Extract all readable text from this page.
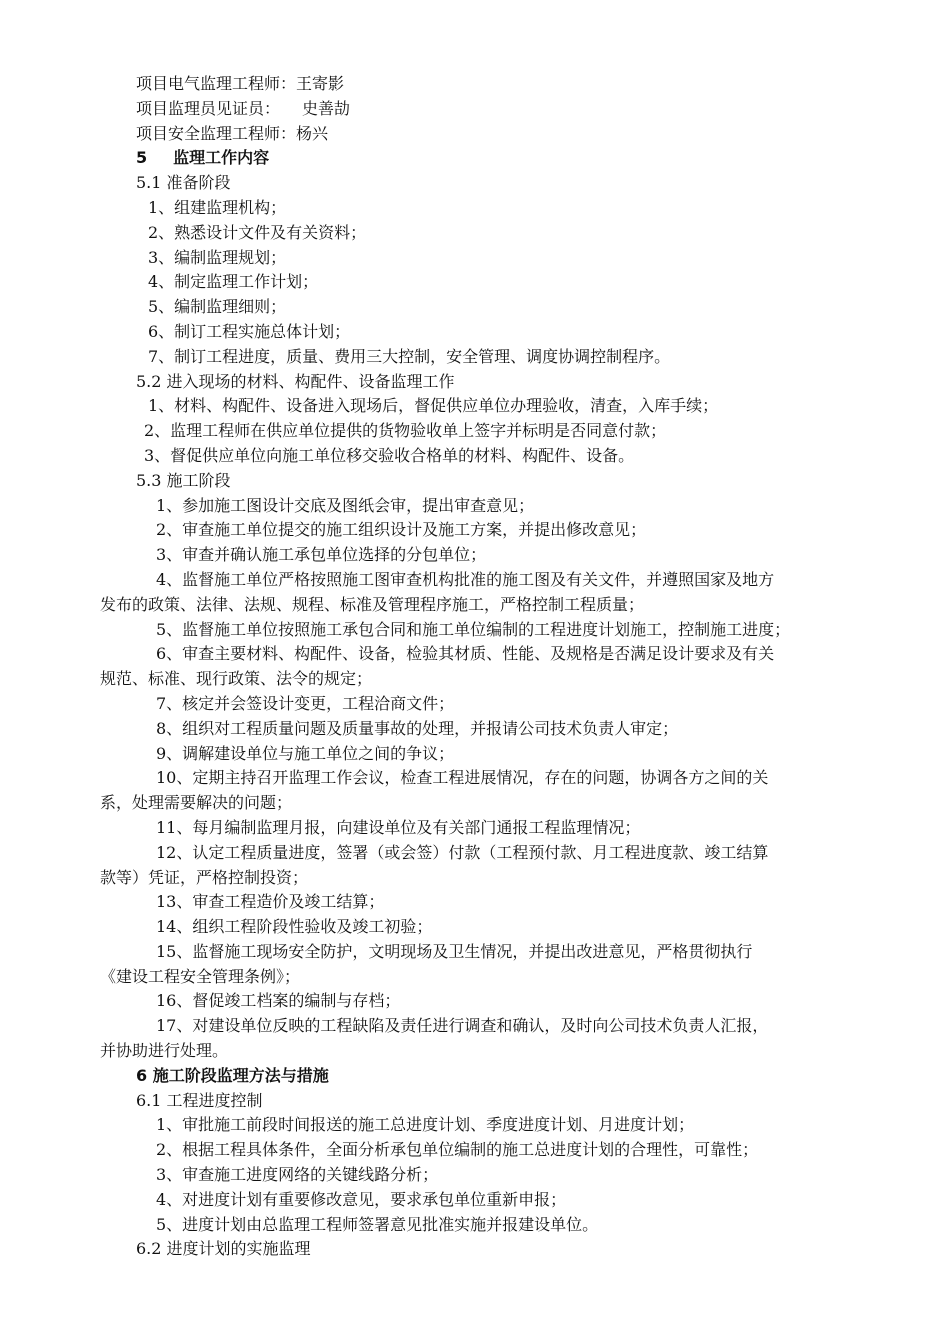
项目电气监理工程师：王寄影
项目监理员见证员： 史善劼
项目安全监理工程师：杨兴
5 监理工作内容
5.1 准备阶段
1、组建监理机构；
2、熟悉设计文件及有关资料；
3、编制监理规划；
4、制定监理工作计划；
5、编制监理细则；
6、制订工程实施总体计划；
7、制订工程进度，质量、费用三大控制，安全管理、调度协调控制程序。
5.2 进入现场的材料、构配件、设备监理工作
1、材料、构配件、设备进入现场后，督促供应单位办理验收，清查，入库手续；
2、监理工程师在供应单位提供的货物验收单上签字并标明是否同意付款；
3、督促供应单位向施工单位移交验收合格单的材料、构配件、设备。
5.3 施工阶段
1、参加施工图设计交底及图纸会审，提出审查意见；
2、审查施工单位提交的施工组织设计及施工方案，并提出修改意见；
3、审查并确认施工承包单位选择的分包单位；
4、监督施工单位严格按照施工图审查机构批准的施工图及有关文件，并遵照国家及地方
发布的政策、法律、法规、规程、标准及管理程序施工，严格控制工程质量；
5、监督施工单位按照施工承包合同和施工单位编制的工程进度计划施工，控制施工进度；
6、审查主要材料、构配件、设备，检验其材质、性能、及规格是否满足设计要求及有关
规范、标准、现行政策、法令的规定；
7、核定并会签设计变更，工程洽商文件；
8、组织对工程质量问题及质量事故的处理，并报请公司技术负责人审定；
9、调解建设单位与施工单位之间的争议；
10、定期主持召开监理工作会议，检查工程进展情况，存在的问题，协调各方之间的关
系，处理需要解决的问题；
11、每月编制监理月报，向建设单位及有关部门通报工程监理情况；
12、认定工程质量进度，签署（或会签）付款（工程预付款、月工程进度款、竣工结算
款等）凭证，严格控制投资；
13、审查工程造价及竣工结算；
14、组织工程阶段性验收及竣工初验；
15、监督施工现场安全防护，文明现场及卫生情况，并提出改进意见，严格贯彻执行
《建设工程安全管理条例》；
16、督促竣工档案的编制与存档；
17、对建设单位反映的工程缺陷及责任进行调查和确认，及时向公司技术负责人汇报，
并协助进行处理。
6 施工阶段监理方法与措施
6.1 工程进度控制
1、审批施工前段时间报送的施工总进度计划、季度进度计划、月进度计划；
2、根据工程具体条件，全面分析承包单位编制的施工总进度计划的合理性，可靠性；
3、审查施工进度网络的关键线路分析；
4、对进度计划有重要修改意见，要求承包单位重新申报；
5、进度计划由总监理工程师签署意见批准实施并报建设单位。
6.2 进度计划的实施监理
